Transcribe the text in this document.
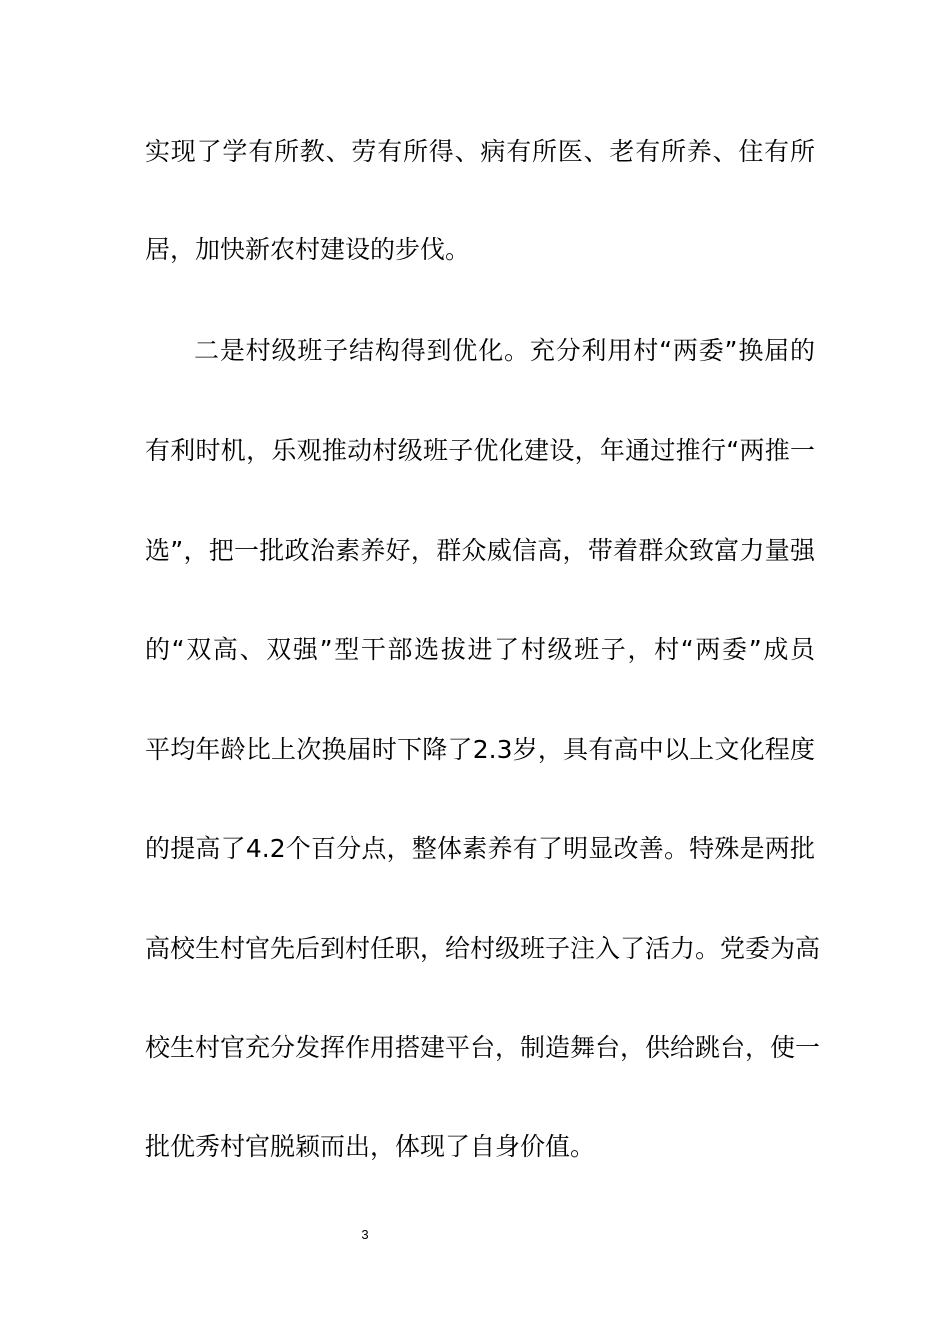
实现了学有所教、劳有所得、病有所医、老有所养、住有所
居，加快新农村建设的步伐。
二是村级班子结构得到优化。充分利用村“两委”换届的
有利时机，乐观推动村级班子优化建设，年通过推行“两推一
选”，把一批政治素养好，群众威信高，带着群众致富力量强
的“双高、双强”型干部选拔进了村级班子，村“两委”成员
平均年龄比上次换届时下降了2.3岁，具有高中以上文化程度
的提高了4.2个百分点，整体素养有了明显改善。特殊是两批
高校生村官先后到村任职，给村级班子注入了活力。党委为高
校生村官充分发挥作用搭建平台，制造舞台，供给跳台，使一
批优秀村官脱颖而出，体现了自身价值。
3
